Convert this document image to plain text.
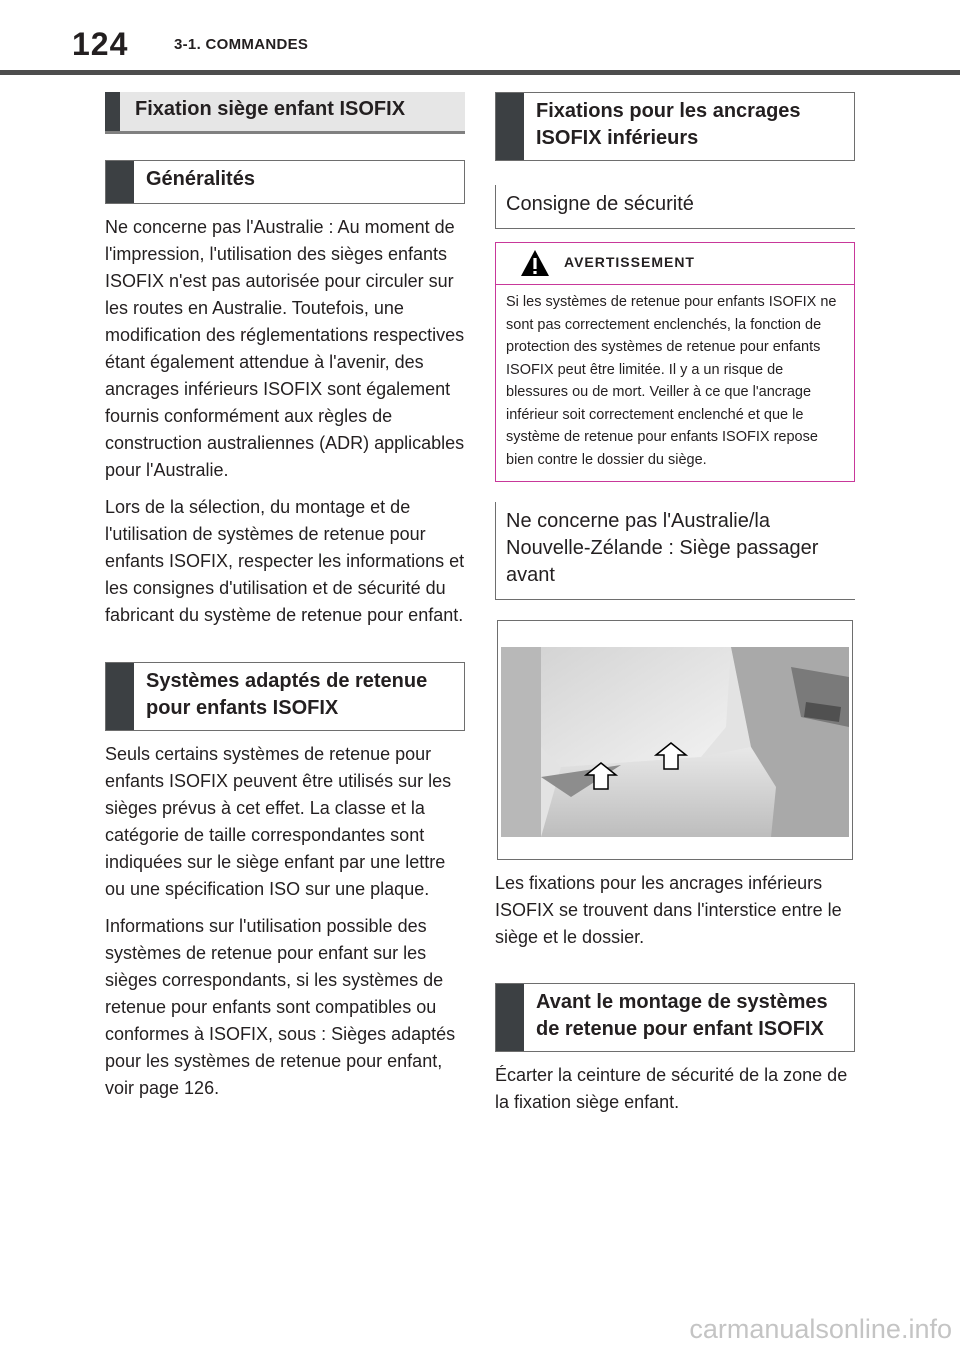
124	3-1. COMMANDES
Fixation siège enfant ISOFIX
Généralités

Ne concerne pas l'Australie : Au moment de l'impression, l'utilisation des sièges enfants ISOFIX n'est pas autorisée pour circuler sur les routes en Australie. Toutefois, une modification des réglementations respectives étant également attendue à l'avenir, des ancrages inférieurs ISOFIX sont également fournis conformément aux règles de construction australiennes (ADR) applicables pour l'Australie.

Lors de la sélection, du montage et de l'utilisation de systèmes de retenue pour enfants ISOFIX, respecter les informations et les consignes d'utilisation et de sécurité du fabricant du système de retenue pour enfant.

Systèmes adaptés de retenue pour enfants ISOFIX

Seuls certains systèmes de retenue pour enfants ISOFIX peuvent être utilisés sur les sièges prévus à cet effet. La classe et la catégorie de taille correspondantes sont indiquées sur le siège enfant par une lettre ou une spécification ISO sur une plaque.

Informations sur l'utilisation possible des systèmes de retenue pour enfant sur les sièges correspondants, si les systèmes de retenue pour enfants sont compatibles ou conformes à ISOFIX, sous : Sièges adaptés pour les systèmes de retenue pour enfant, voir page 126.

Fixations pour les ancrages ISOFIX inférieurs
Consigne de sécurité
AVERTISSEMENT
Si les systèmes de retenue pour enfants ISOFIX ne sont pas correctement enclenchés, la fonction de protection des systèmes de retenue pour enfants ISOFIX peut être limitée. Il y a un risque de blessures ou de mort. Veiller à ce que l'ancrage inférieur soit correctement enclenché et que le système de retenue pour enfants ISOFIX repose bien contre le dossier du siège.
Ne concerne pas l'Australie/la Nouvelle-Zélande : Siège passager avant

Les fixations pour les ancrages inférieurs ISOFIX se trouvent dans l'interstice entre le siège et le dossier.

Avant le montage de systèmes de retenue pour enfant ISOFIX

Écarter la ceinture de sécurité de la zone de la fixation siège enfant.

carmanualsonline.info
